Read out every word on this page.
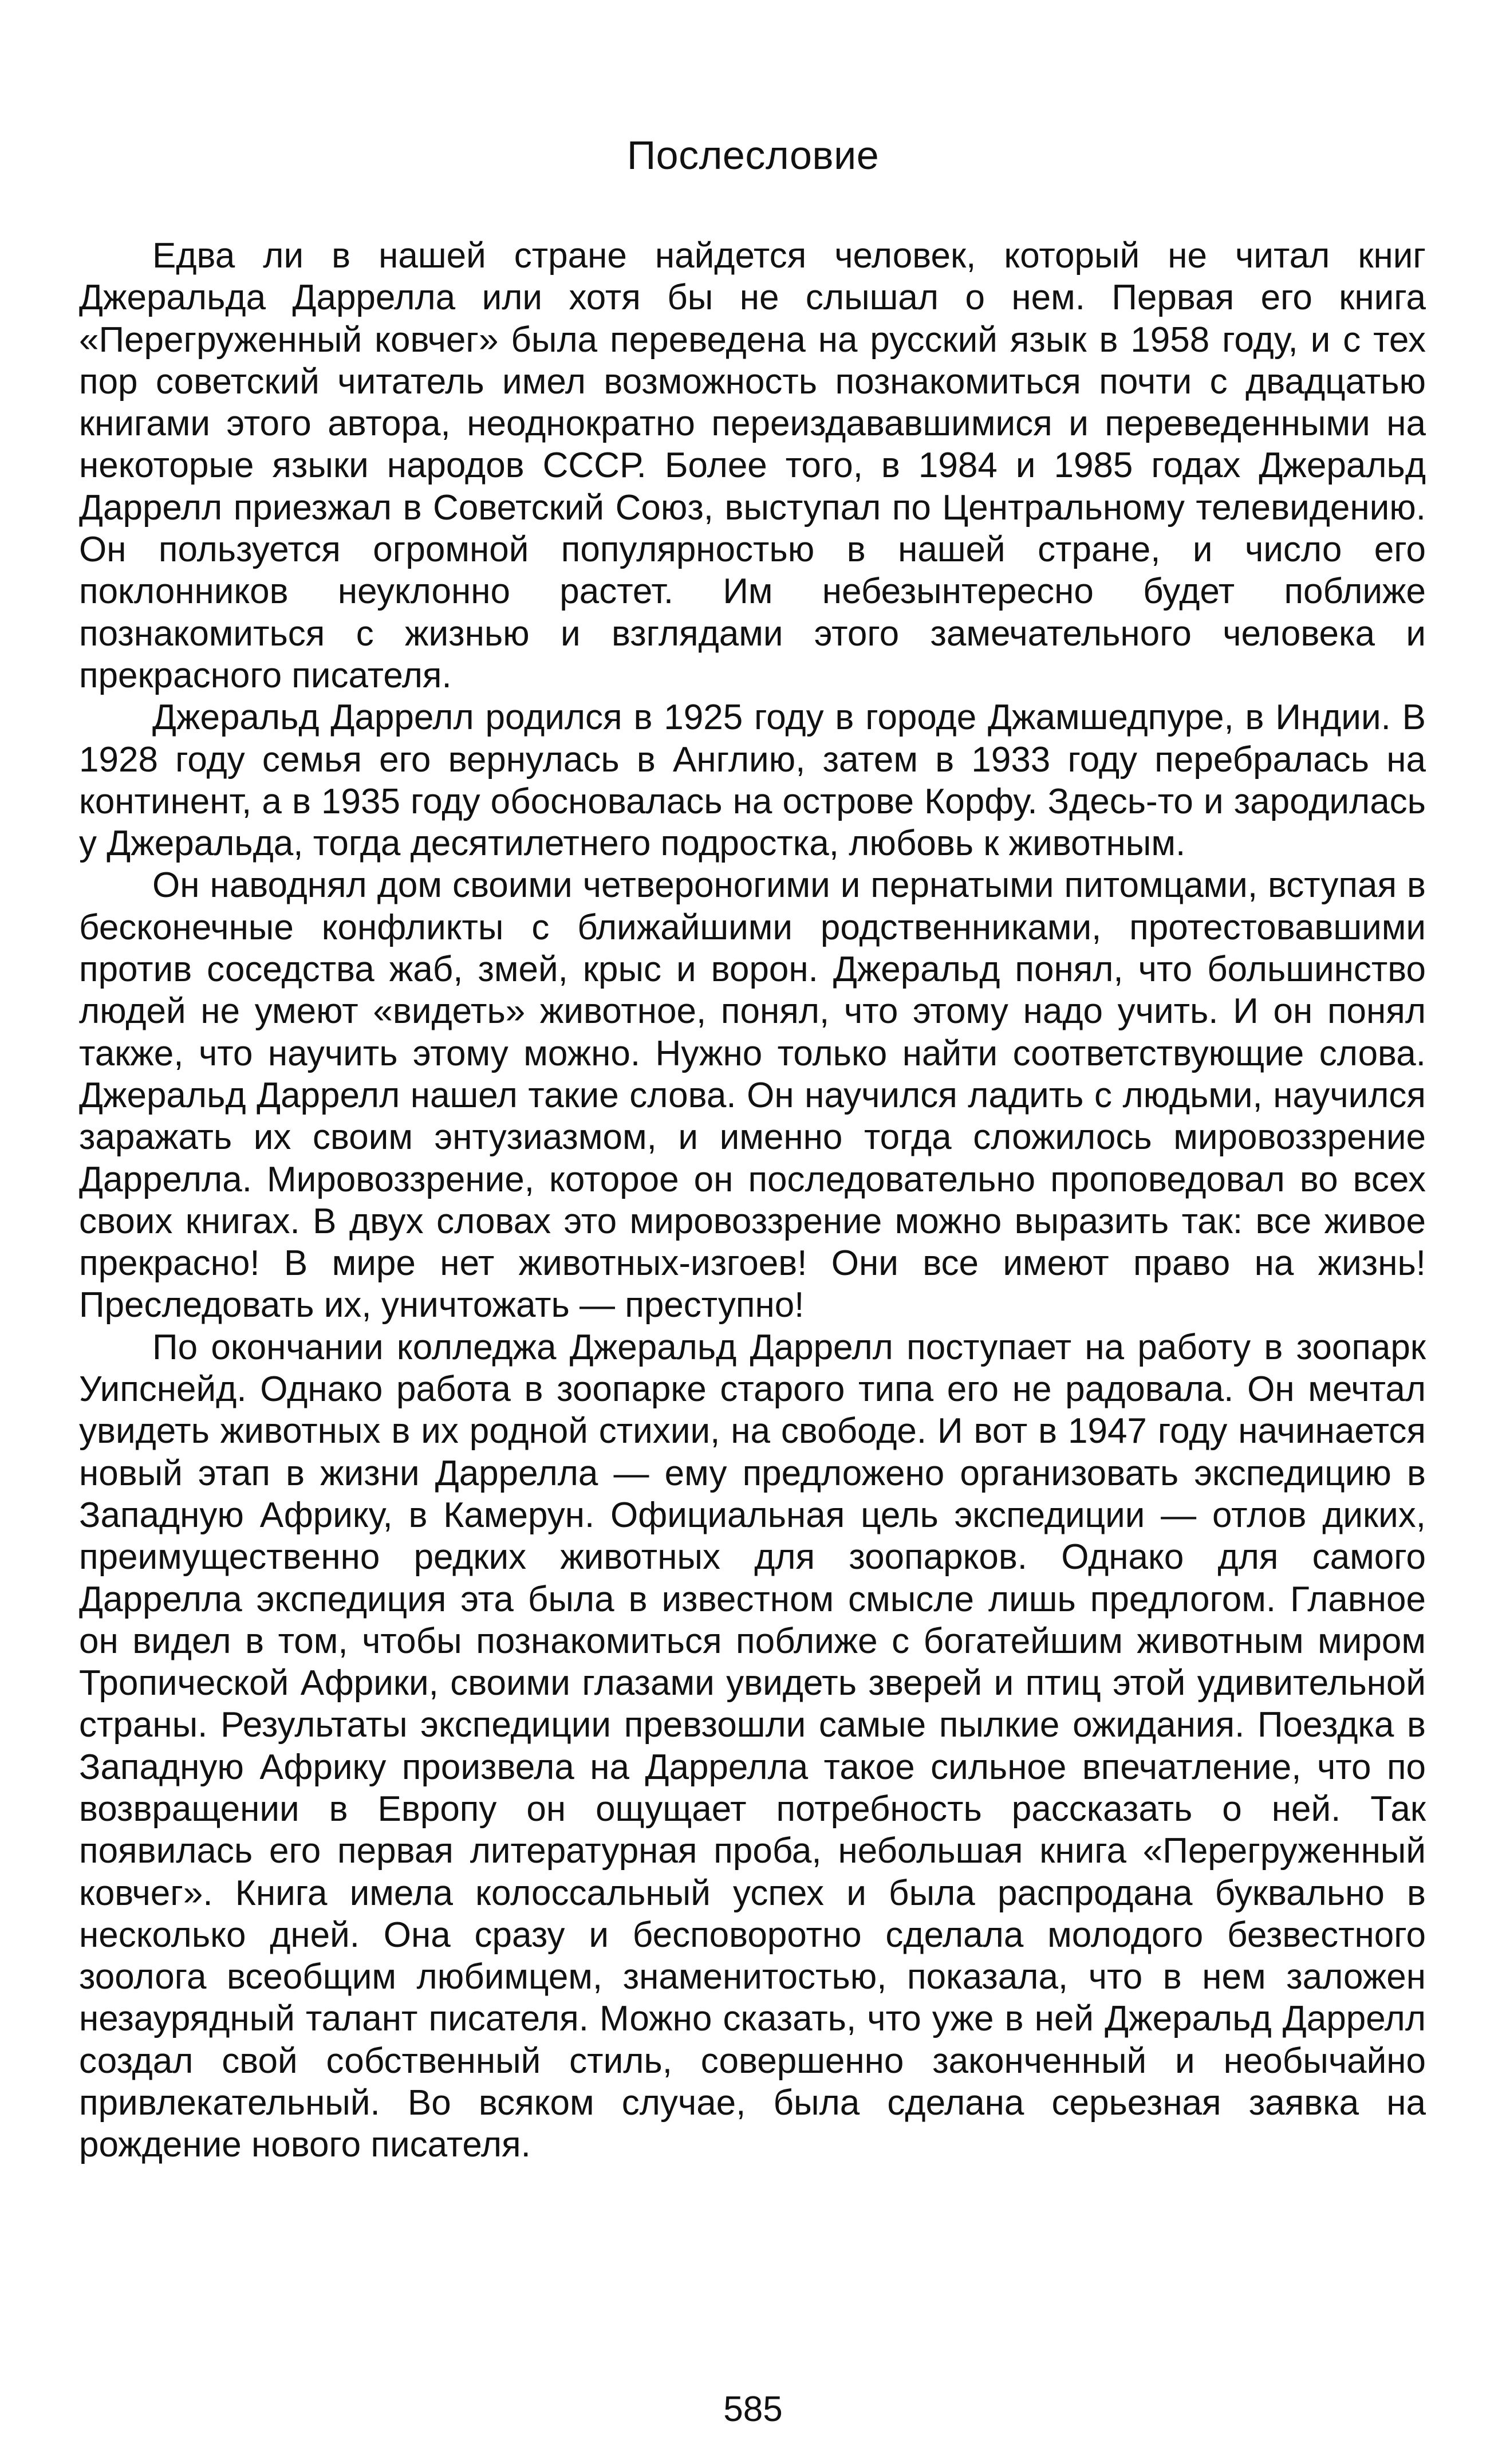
Послесловие

Едва ли в нашей стране найдется человек, который не читал книг Джеральда Даррелла или хотя бы не слышал о нем. Первая его книга «Перегруженный ковчег» была переведена на русский язык в 1958 году, и с тех пор советский читатель имел возможность познакомиться почти с двадцатью книгами этого автора, неоднократно переиздававшимися и переведенными на некоторые языки народов СССР. Более того, в 1984 и 1985 годах Джеральд Даррелл приезжал в Советский Союз, выступал по Центральному телевидению. Он пользуется огромной популярностью в нашей стране, и число его поклонников неуклонно растет. Им небезынтересно будет поближе познакомиться с жизнью и взглядами этого замечательного человека и прекрасного писателя.

Джеральд Даррелл родился в 1925 году в городе Джамшедпуре, в Индии. В 1928 году семья его вернулась в Англию, затем в 1933 году перебралась на континент, а в 1935 году обосновалась на острове Корфу. Здесь-то и зародилась у Джеральда, тогда десятилетнего подростка, любовь к животным.

Он наводнял дом своими четвероногими и пернатыми питомцами, вступая в бесконечные конфликты с ближайшими родственниками, протестовавшими против соседства жаб, змей, крыс и ворон. Джеральд понял, что большинство людей не умеют «видеть» животное, понял, что этому надо учить. И он понял также, что научить этому можно. Нужно только найти соответствующие слова. Джеральд Даррелл нашел такие слова. Он научился ладить с людьми, научился заражать их своим энтузиазмом, и именно тогда сложилось мировоззрение Даррелла. Мировоззрение, которое он последовательно проповедовал во всех своих книгах. В двух словах это мировоззрение можно выразить так: все живое прекрасно! В мире нет животных-изгоев! Они все имеют право на жизнь! Преследовать их, уничтожать — преступно!

По окончании колледжа Джеральд Даррелл поступает на работу в зоопарк Уипснейд. Однако работа в зоопарке старого типа его не радовала. Он мечтал увидеть животных в их родной стихии, на свободе. И вот в 1947 году начинается новый этап в жизни Даррелла — ему предложено организовать экспедицию в Западную Африку, в Камерун. Официальная цель экспедиции — отлов диких, преимущественно редких животных для зоопарков. Однако для самого Даррелла экспедиция эта была в известном смысле лишь предлогом. Главное он видел в том, чтобы познакомиться поближе с богатейшим животным миром Тропической Африки, своими глазами увидеть зверей и птиц этой удивительной страны. Результаты экспедиции превзошли самые пылкие ожидания. Поездка в Западную Африку произвела на Даррелла такое сильное впечатление, что по возвращении в Европу он ощущает потребность рассказать о ней. Так появилась его первая литературная проба, небольшая книга «Перегруженный ковчег». Книга имела колоссальный успех и была распродана буквально в несколько дней. Она сразу и бесповоротно сделала молодого безвестного зоолога всеобщим любимцем, знаменитостью, показала, что в нем заложен незаурядный талант писателя. Можно сказать, что уже в ней Джеральд Даррелл создал свой собственный стиль, совершенно законченный и необычайно привлекательный. Во всяком случае, была сделана серьезная заявка на рождение нового писателя.

585
